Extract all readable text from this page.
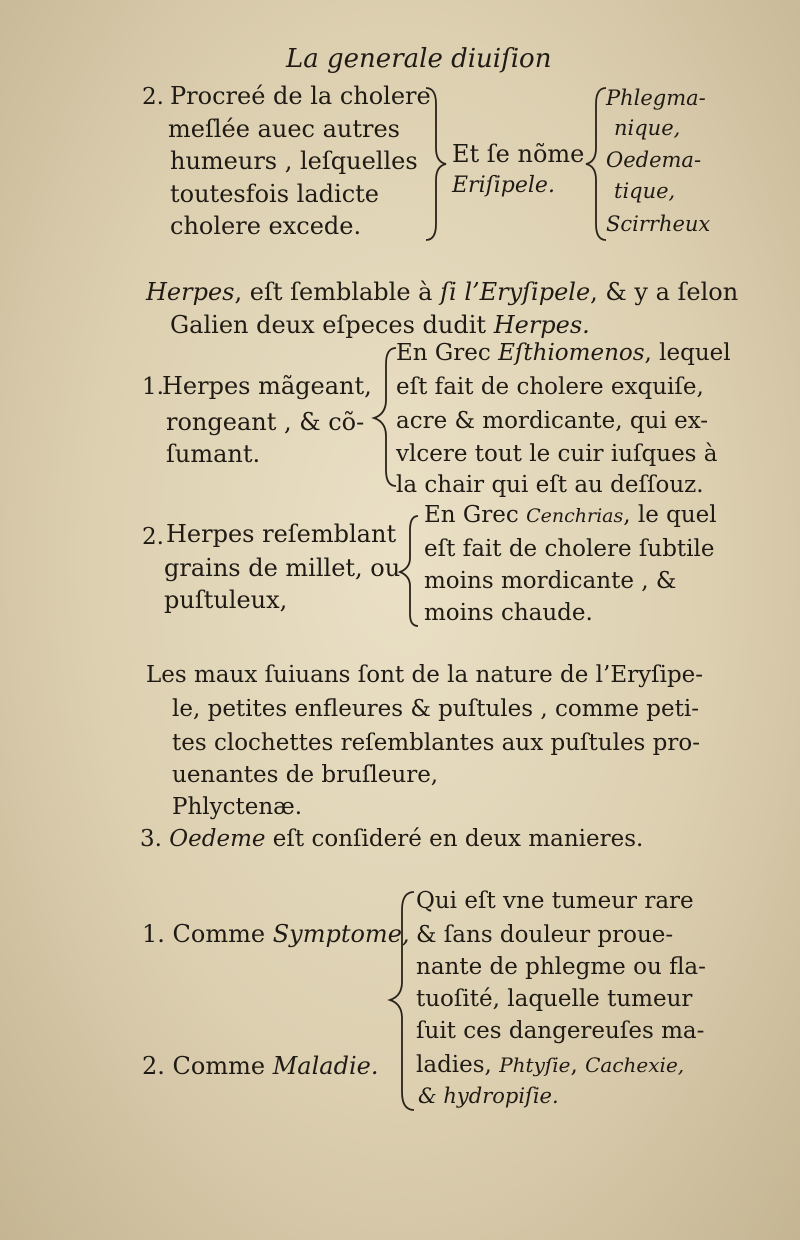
La generale diuiſion
2. Procreé de la cholere
meſlée auec autres
humeurs , leſquelles
toutesfois ladicte
cholere excede.
Et ſe nõme
Eriſipele.
Phlegma-
nique,
Oedema-
tique,
Scirrheux
Herpes, eſt ſemblable à ſi l’Eryſipele, & y a ſelon
Galien deux eſpeces dudit Herpes.
1.
Herpes mãgeant,
rongeant , & cõ-
ſumant.
En Grec Eſthiomenos, lequel
eſt fait de cholere exquiſe,
acre & mordicante, qui ex-
vlcere tout le cuir iuſques à
la chair qui eſt au deſſouz.
2. Herpes reſemblant
grains de millet, ou
puſtuleux,
En Grec Cenchrias, le quel
eſt fait de cholere ſubtile
moins mordicante , &
moins chaude.
Les maux ſuiuans ſont de la nature de l’Eryſipe-
le, petites enfleures & puſtules , comme peti-
tes clochettes reſemblantes aux puſtules pro-
uenantes de bruſleure,
Phlyctenæ.
3. Oedeme eſt conſideré en deux manieres.
1. Comme Symptome,
2. Comme Maladie.
Qui eſt vne tumeur rare
& ſans douleur proue-
nante de phlegme ou fla-
tuoſité, laquelle tumeur
ſuit ces dangereuſes ma-
ladies, Phtyſie, Cachexie,
& hydropiſie.
